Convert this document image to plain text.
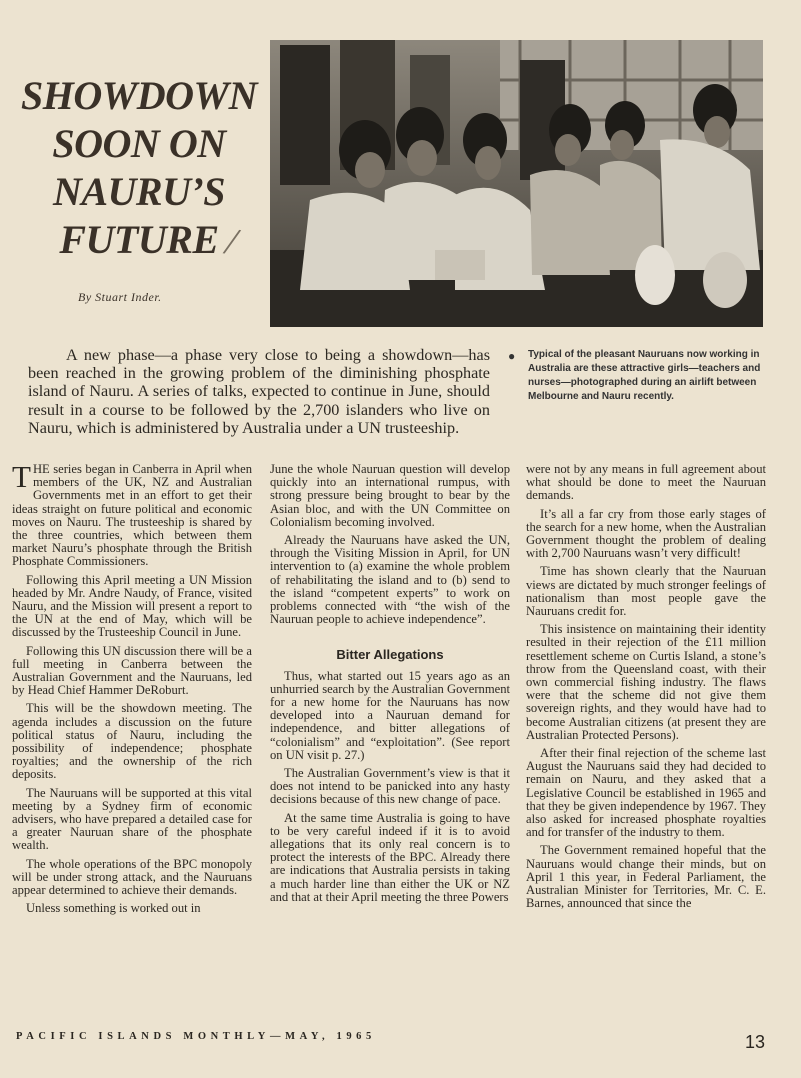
SHOWDOWN
SOON ON
NAURU’S
FUTURE /
By Stuart Inder.

A new phase—a phase very close to being a showdown—has been reached in the growing problem of the diminishing phosphate island of Nauru. A series of talks, expected to continue in June, should result in a course to be followed by the 2,700 islanders who live on Nauru, which is administered by Australia under a UN trusteeship.

● Typical of the pleasant Nauruans now working in Australia are these attractive girls—teachers and nurses—photographed during an airlift between Melbourne and Nauru recently.

THE series began in Canberra in April when members of the UK, NZ and Australian Governments met in an effort to get their ideas straight on future political and economic moves on Nauru. The trusteeship is shared by the three countries, which between them market Nauru’s phosphate through the British Phosphate Commissioners.

Following this April meeting a UN Mission headed by Mr. Andre Naudy, of France, visited Nauru, and the Mission will present a report to the UN at the end of May, which will be discussed by the Trusteeship Council in June.

Following this UN discussion there will be a full meeting in Canberra between the Australian Government and the Nauruans, led by Head Chief Hammer DeRoburt.

This will be the showdown meeting. The agenda includes a discussion on the future political status of Nauru, including the possibility of independence; phosphate royalties; and the ownership of the rich deposits.

The Nauruans will be supported at this vital meeting by a Sydney firm of economic advisers, who have prepared a detailed case for a greater Nauruan share of the phosphate wealth.

The whole operations of the BPC monopoly will be under strong attack, and the Nauruans appear determined to achieve their demands.

Unless something is worked out in

June the whole Nauruan question will develop quickly into an international rumpus, with strong pressure being brought to bear by the Asian bloc, and with the UN Committee on Colonialism becoming involved.

Already the Nauruans have asked the UN, through the Visiting Mission in April, for UN intervention to (a) examine the whole problem of rehabilitating the island and to (b) send to the island “competent experts” to work on problems connected with “the wish of the Nauruan people to achieve independence”.

Bitter Allegations

Thus, what started out 15 years ago as an unhurried search by the Australian Government for a new home for the Nauruans has now developed into a Nauruan demand for independence, and bitter allegations of “colonialism” and “exploitation”. (See report on UN visit p. 27.)

The Australian Government’s view is that it does not intend to be panicked into any hasty decisions because of this new change of pace.

At the same time Australia is going to have to be very careful indeed if it is to avoid allegations that its only real concern is to protect the interests of the BPC. Already there are indications that Australia persists in taking a much harder line than either the UK or NZ and that at their April meeting the three Powers

were not by any means in full agreement about what should be done to meet the Nauruan demands.

It’s all a far cry from those early stages of the search for a new home, when the Australian Government thought the problem of dealing with 2,700 Nauruans wasn’t very difficult!

Time has shown clearly that the Nauruan views are dictated by much stronger feelings of nationalism than most people gave the Nauruans credit for.

This insistence on maintaining their identity resulted in their rejection of the £11 million resettlement scheme on Curtis Island, a stone’s throw from the Queensland coast, with their own commercial fishing industry. The flaws were that the scheme did not give them sovereign rights, and they would have had to become Australian citizens (at present they are Australian Protected Persons).

After their final rejection of the scheme last August the Nauruans said they had decided to remain on Nauru, and they asked that a Legislative Council be established in 1965 and that they be given independence by 1967. They also asked for increased phosphate royalties and for transfer of the industry to them.

The Government remained hopeful that the Nauruans would change their minds, but on April 1 this year, in Federal Parliament, the Australian Minister for Territories, Mr. C. E. Barnes, announced that since the

PACIFIC ISLANDS MONTHLY—MAY, 1965	13
